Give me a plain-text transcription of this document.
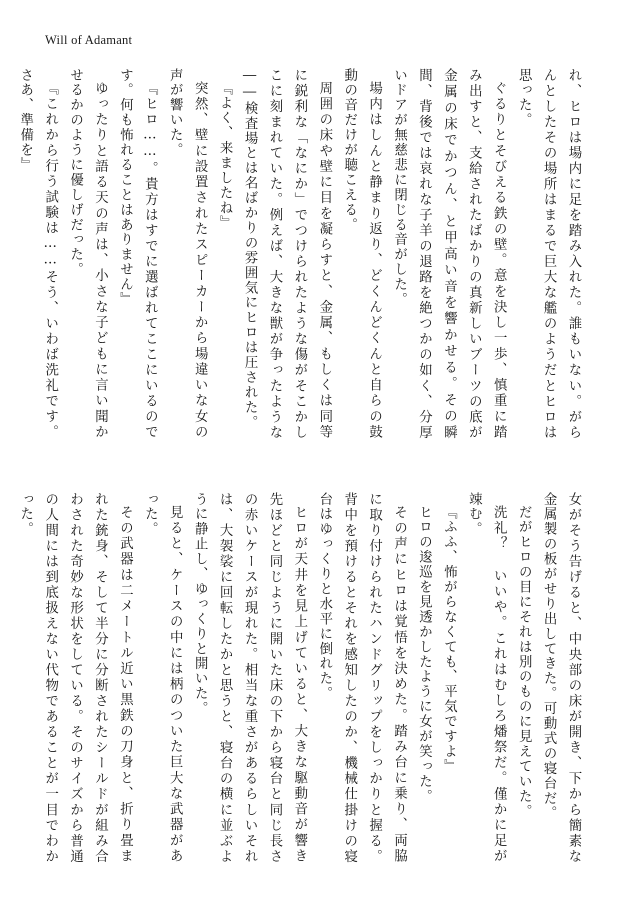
Will of Adamant

れ、ヒロは場内に足を踏み入れた。誰もいない。がらんとしたその場所はまるで巨大な艦のようだとヒロは思った。

ぐるりとそびえる鉄の壁。意を決し一歩、慎重に踏み出すと、支給されたばかりの真新しいブーツの底が金属の床でかつん、と甲高い音を響かせる。その瞬間、背後では哀れな子羊の退路を絶つかの如く、分厚いドアが無慈悲に閉じる音がした。

場内はしんと静まり返り、どくんどくんと自らの鼓動の音だけが聴こえる。

周囲の床や壁に目を凝らすと、金属、もしくは同等に鋭利な「なにか」でつけられたような傷がそこかしこに刻まれていた。例えば、大きな獣が争ったような――検査場とは名ばかりの雰囲気にヒロは圧された。

『よく、来ましたね』

突然、壁に設置されたスピーカーから場違いな女の声が響いた。

『ヒロ……。貴方はすでに選ばれてここにいるのです。何も怖れることはありません』

ゆったりと語る天の声は、小さな子どもに言い聞かせるかのように優しげだった。

『これから行う試験は……そう、いわば洗礼です。さあ、準備を』

女がそう告げると、中央部の床が開き、下から簡素な金属製の板がせり出してきた。可動式の寝台だ。

だがヒロの目にそれは別のものに見えていた。

洗礼？ いいや。これはむしろ燔祭だ。僅かに足が竦む。

『ふふ、怖がらなくても、平気ですよ』

ヒロの逡巡を見透かしたように女が笑った。

その声にヒロは覚悟を決めた。踏み台に乗り、両脇に取り付けられたハンドグリップをしっかりと握る。背中を預けるとそれを感知したのか、機械仕掛けの寝台はゆっくりと水平に倒れた。

ヒロが天井を見上げていると、大きな駆動音が響き先ほどと同じように開いた床の下から寝台と同じ長さの赤いケースが現れた。相当な重さがあるらしいそれは、大袈裟に回転したかと思うと、寝台の横に並ぶように静止し、ゆっくりと開いた。

見ると、ケースの中には柄のついた巨大な武器があった。

その武器は二メートル近い黒鉄の刀身と、折り畳まれた銃身、そして半分に分断されたシールドが組み合わされた奇妙な形状をしている。そのサイズから普通の人間には到底扱えない代物であることが一目でわかった。
